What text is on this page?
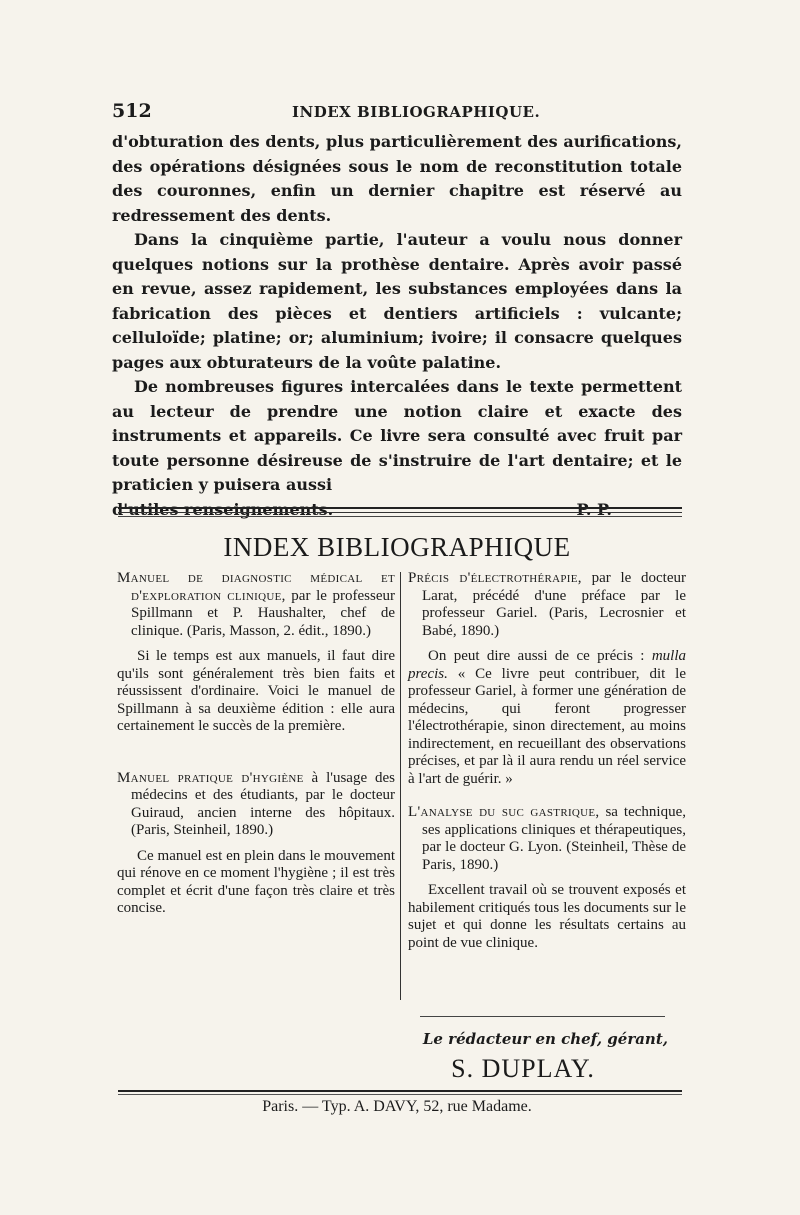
512	INDEX BIBLIOGRAPHIQUE.

d'obturation des dents, plus particulièrement des aurifications, des opérations désignées sous le nom de reconstitution totale des couronnes, enfin un dernier chapitre est réservé au redressement des dents.

Dans la cinquième partie, l'auteur a voulu nous donner quelques notions sur la prothèse dentaire. Après avoir passé en revue, assez rapidement, les substances employées dans la fabrication des pièces et dentiers artificiels : vulcante; celluloïde; platine; or; aluminium; ivoire; il consacre quelques pages aux obturateurs de la voûte palatine.

De nombreuses figures intercalées dans le texte permettent au lecteur de prendre une notion claire et exacte des instruments et appareils. Ce livre sera consulté avec fruit par toute personne désireuse de s'instruire de l'art dentaire; et le praticien y puisera aussi

d'utiles renseignements.	P. P.
INDEX BIBLIOGRAPHIQUE

Manuel de diagnostic médical et d'exploration clinique, par le professeur Spillmann et P. Haushalter, chef de clinique. (Paris, Masson, 2. édit., 1890.)

Si le temps est aux manuels, il faut dire qu'ils sont généralement très bien faits et réussissent d'ordinaire. Voici le manuel de Spillmann à sa deuxième édition : elle aura certainement le succès de la première.

Manuel pratique d'hygiène à l'usage des médecins et des étudiants, par le docteur Guiraud, ancien interne des hôpitaux. (Paris, Steinheil, 1890.)

Ce manuel est en plein dans le mouvement qui rénove en ce moment l'hygiène ; il est très complet et écrit d'une façon très claire et très concise.

Précis d'électrothérapie, par le docteur Larat, précédé d'une préface par le professeur Gariel. (Paris, Lecrosnier et Babé, 1890.)

On peut dire aussi de ce précis : mulla precis. « Ce livre peut contribuer, dit le professeur Gariel, à former une génération de médecins, qui feront progresser l'électrothérapie, sinon directement, au moins indirectement, en recueillant des observations précises, et par là il aura rendu un réel service à l'art de guérir. »

L'analyse du suc gastrique, sa technique, ses applications cliniques et thérapeutiques, par le docteur G. Lyon. (Steinheil, Thèse de Paris, 1890.)

Excellent travail où se trouvent exposés et habilement critiqués tous les documents sur le sujet et qui donne les résultats certains au point de vue clinique.

Le rédacteur en chef, gérant,
S. DUPLAY.
Paris. — Typ. A. DAVY, 52, rue Madame.
